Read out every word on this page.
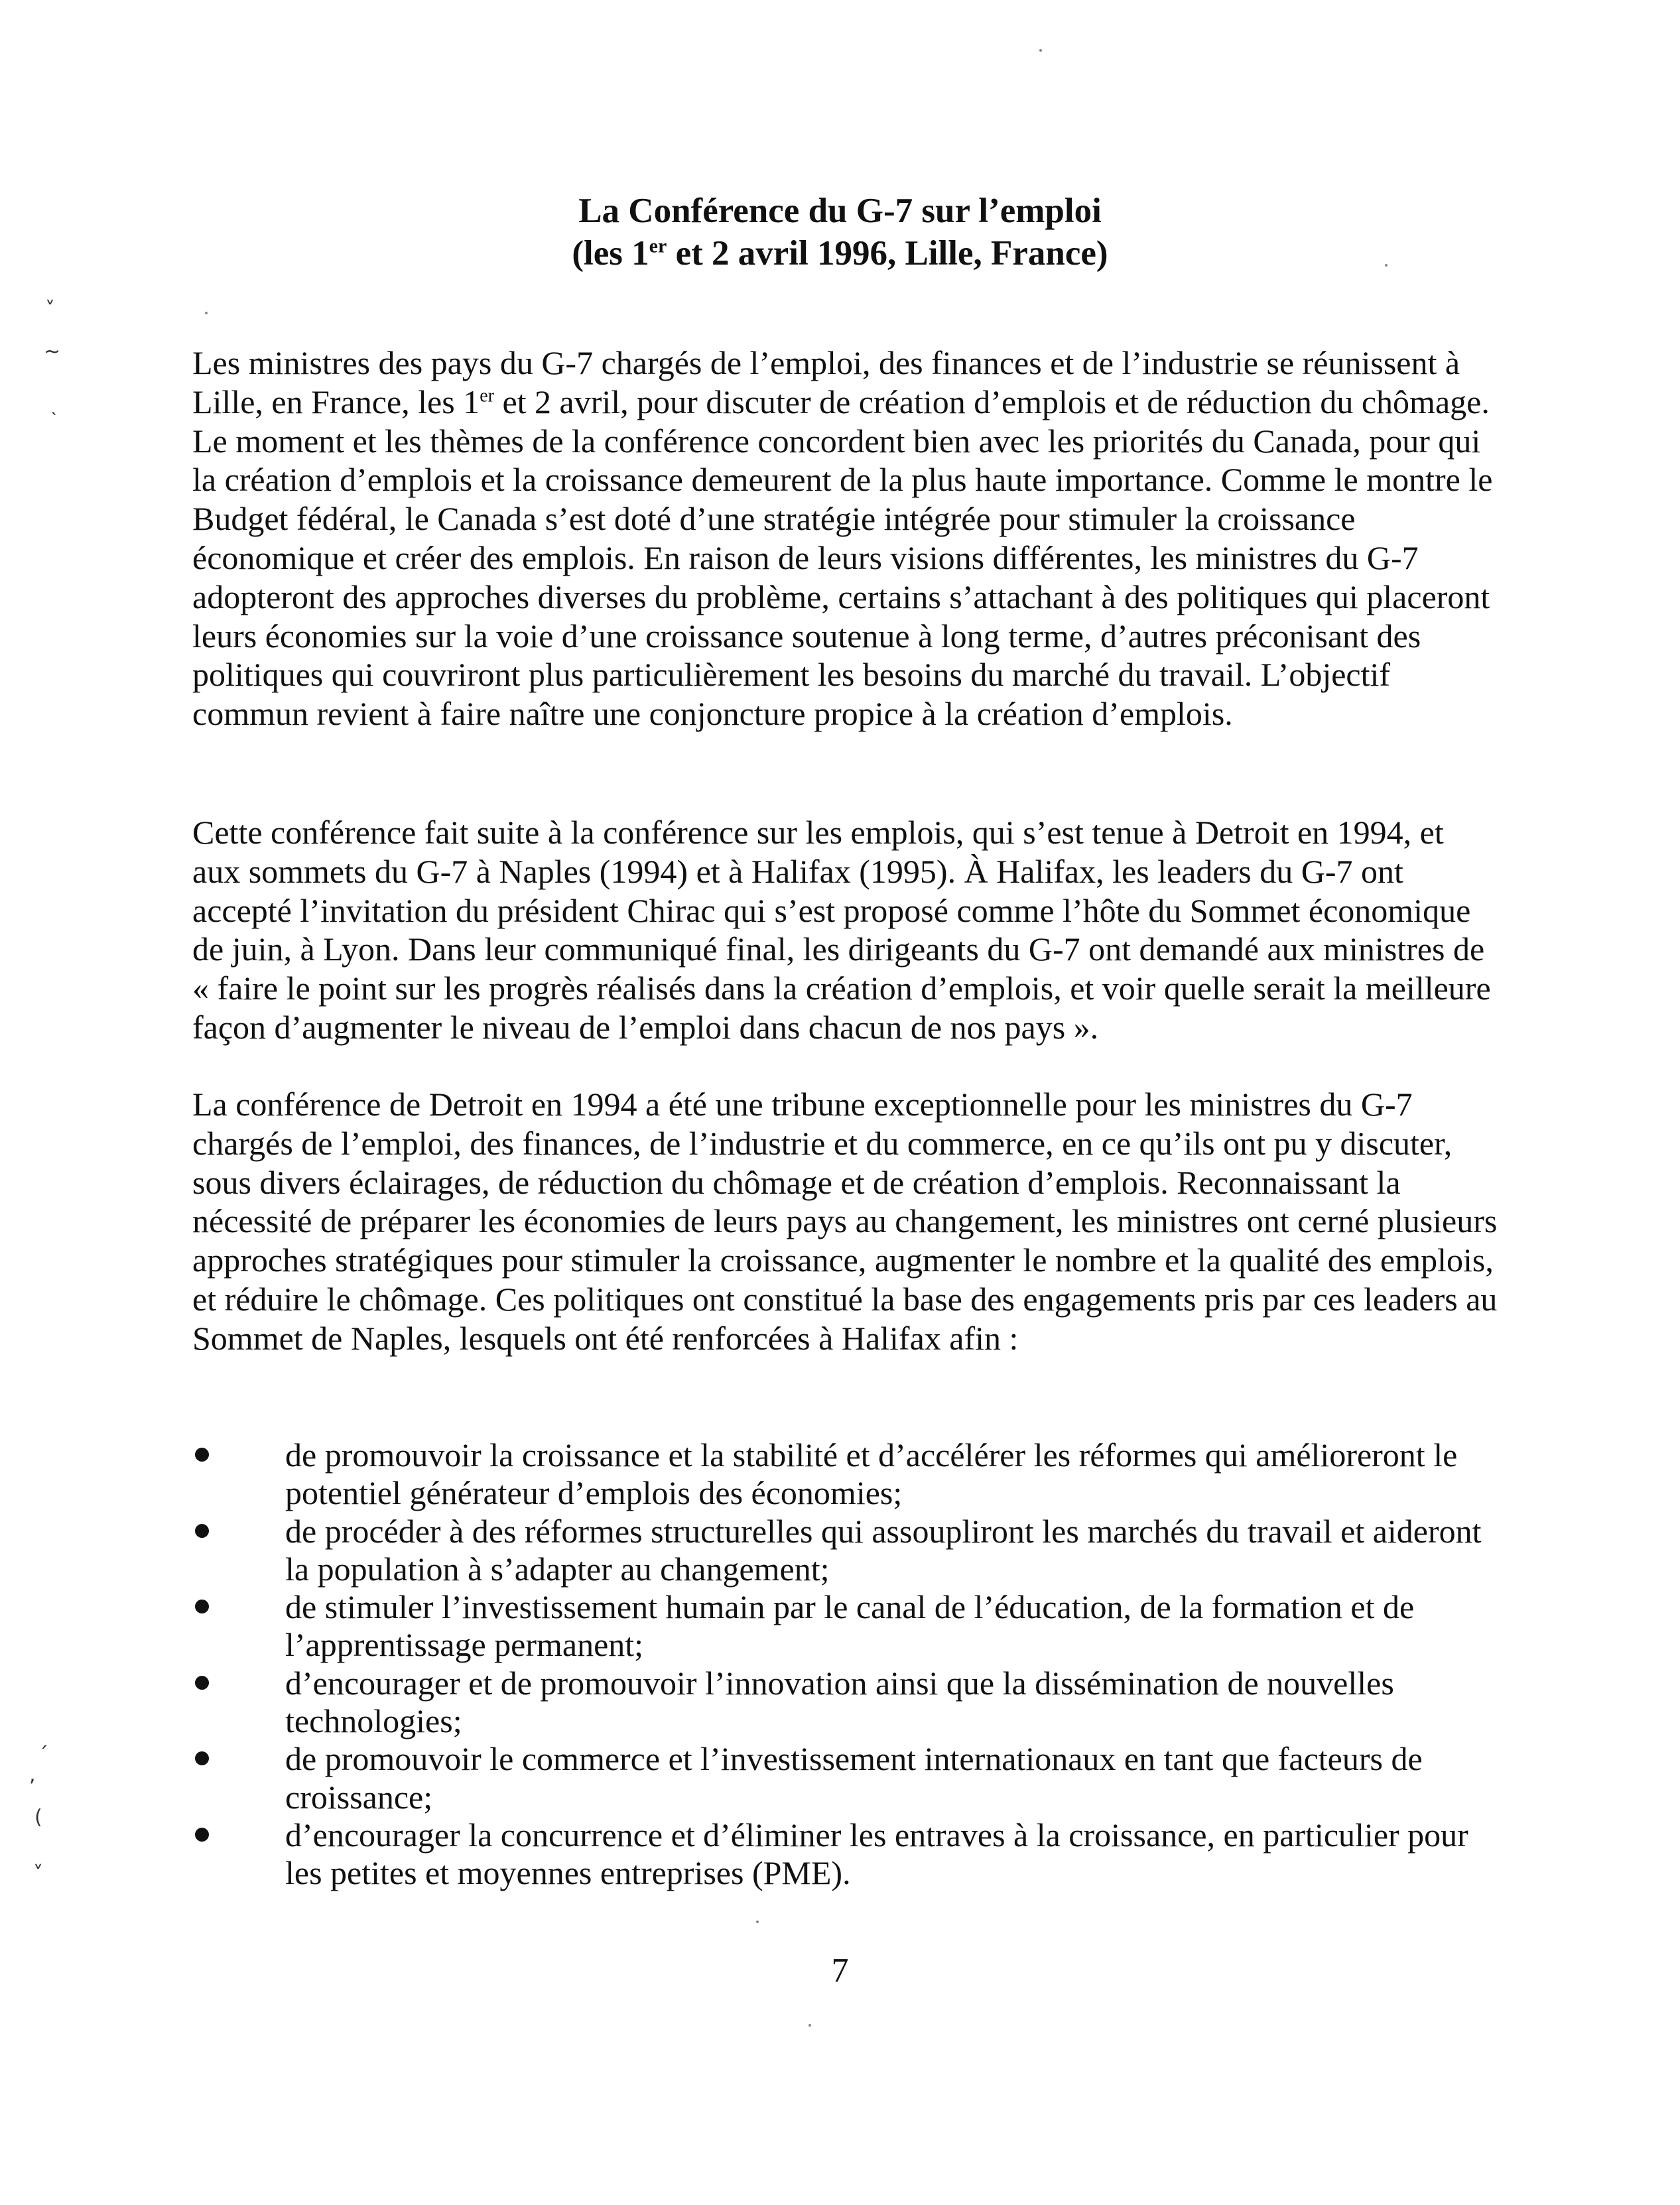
La Conférence du G-7 sur l’emploi
(les 1er et 2 avril 1996, Lille, France)

Les ministres des pays du G-7 chargés de l’emploi, des finances et de l’industrie se réunissent à Lille, en France, les 1er et 2 avril, pour discuter de création d’emplois et de réduction du chômage. Le moment et les thèmes de la conférence concordent bien avec les priorités du Canada, pour qui la création d’emplois et la croissance demeurent de la plus haute importance. Comme le montre le Budget fédéral, le Canada s’est doté d’une stratégie intégrée pour stimuler la croissance économique et créer des emplois. En raison de leurs visions différentes, les ministres du G-7 adopteront des approches diverses du problème, certains s’attachant à des politiques qui placeront leurs économies sur la voie d’une croissance soutenue à long terme, d’autres préconisant des politiques qui couvriront plus particulièrement les besoins du marché du travail. L’objectif commun revient à faire naître une conjoncture propice à la création d’emplois.

Cette conférence fait suite à la conférence sur les emplois, qui s’est tenue à Detroit en 1994, et aux sommets du G-7 à Naples (1994) et à Halifax (1995). À Halifax, les leaders du G-7 ont accepté l’invitation du président Chirac qui s’est proposé comme l’hôte du Sommet économique de juin, à Lyon. Dans leur communiqué final, les dirigeants du G-7 ont demandé aux ministres de « faire le point sur les progrès réalisés dans la création d’emplois, et voir quelle serait la meilleure façon d’augmenter le niveau de l’emploi dans chacun de nos pays ».

La conférence de Detroit en 1994 a été une tribune exceptionnelle pour les ministres du G-7 chargés de l’emploi, des finances, de l’industrie et du commerce, en ce qu’ils ont pu y discuter, sous divers éclairages, de réduction du chômage et de création d’emplois. Reconnaissant la nécessité de préparer les économies de leurs pays au changement, les ministres ont cerné plusieurs approches stratégiques pour stimuler la croissance, augmenter le nombre et la qualité des emplois, et réduire le chômage. Ces politiques ont constitué la base des engagements pris par ces leaders au Sommet de Naples, lesquels ont été renforcées à Halifax afin :

de promouvoir la croissance et la stabilité et d’accélérer les réformes qui amélioreront le potentiel générateur d’emplois des économies;
de procéder à des réformes structurelles qui assoupliront les marchés du travail et aideront la population à s’adapter au changement;
de stimuler l’investissement humain par le canal de l’éducation, de la formation et de l’apprentissage permanent;
d’encourager et de promouvoir l’innovation ainsi que la dissémination de nouvelles technologies;
de promouvoir le commerce et l’investissement internationaux en tant que facteurs de croissance;
d’encourager la concurrence et d’éliminer les entraves à la croissance, en particulier pour les petites et moyennes entreprises (PME).
7
˅
~
˴
ˏ
,
(
ˬ
